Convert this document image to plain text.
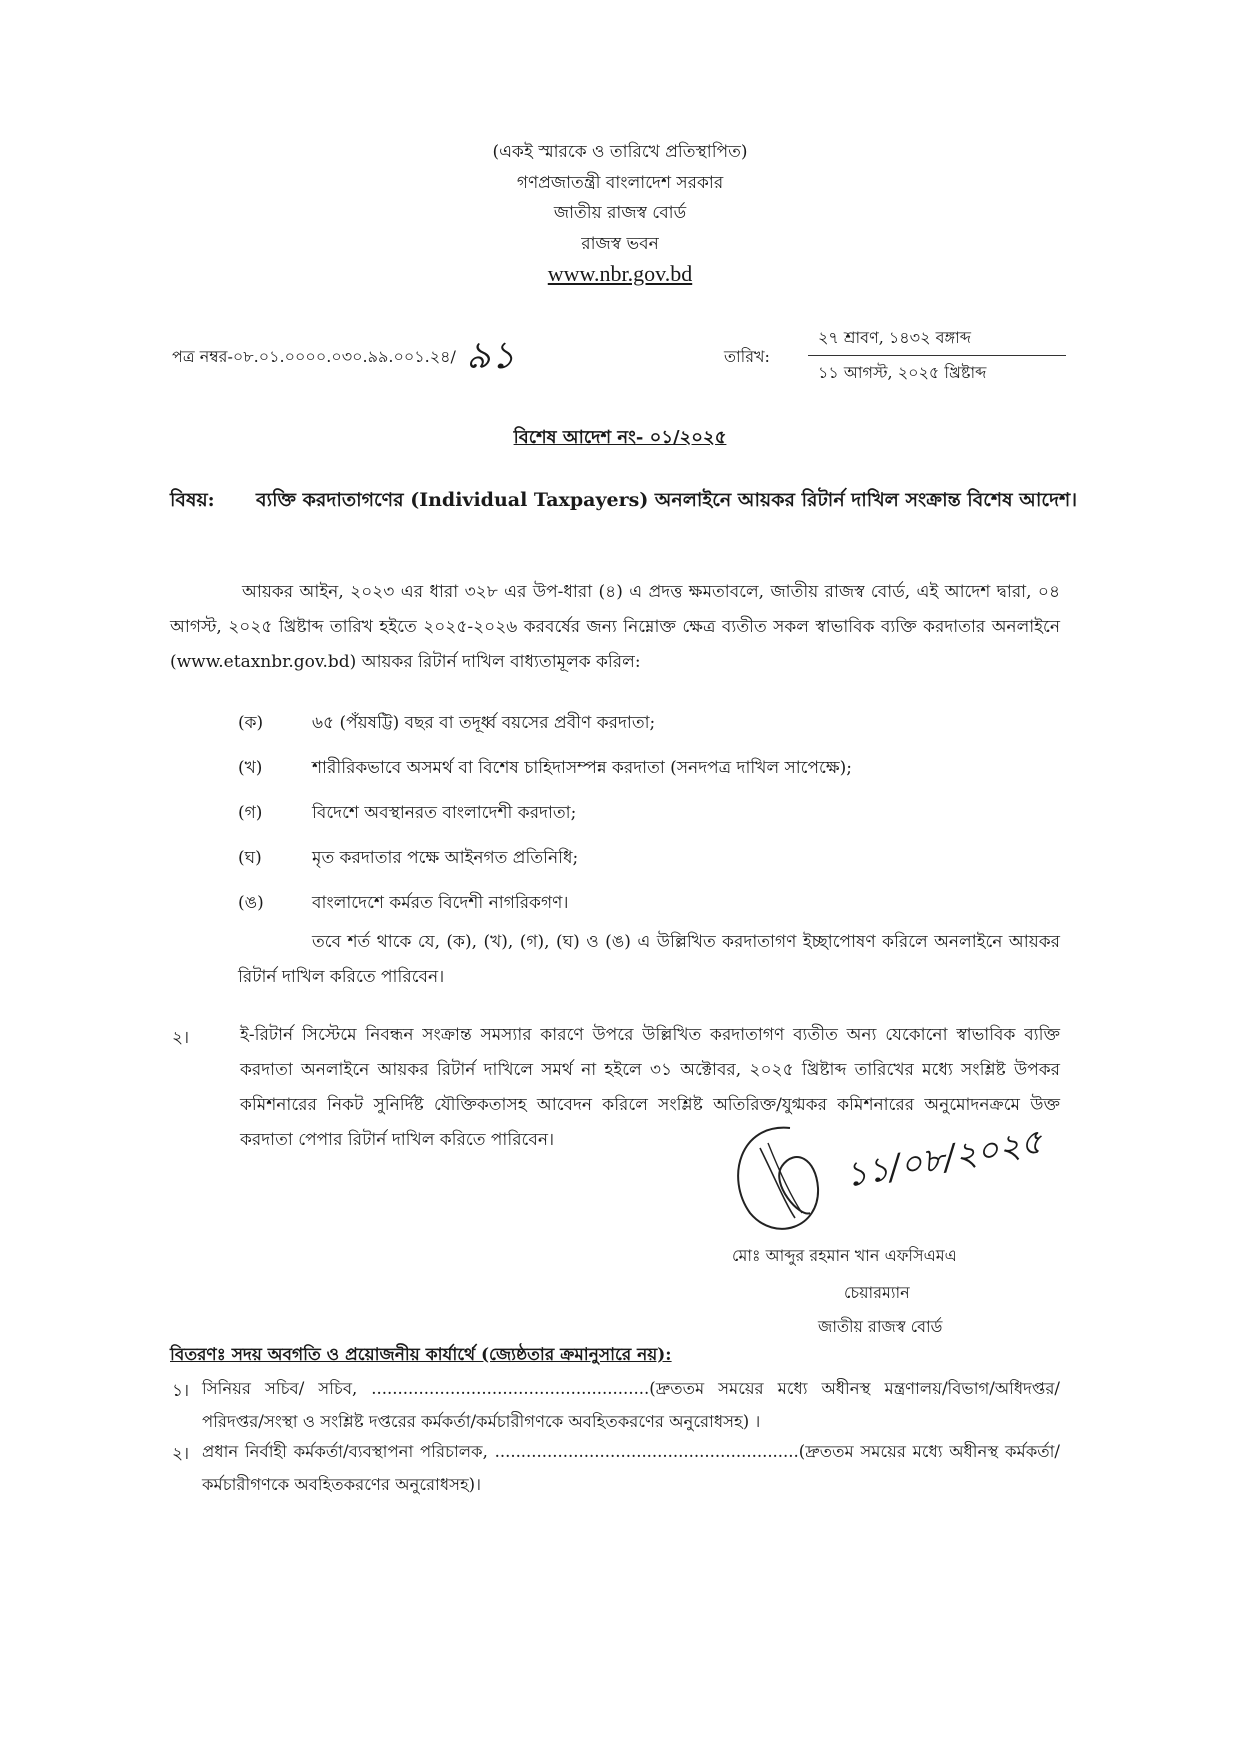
(একই স্মারকে ও তারিখে প্রতিস্থাপিত)
গণপ্রজাতন্ত্রী বাংলাদেশ সরকার
জাতীয় রাজস্ব বোর্ড
রাজস্ব ভবন
www.nbr.gov.bd
পত্র নম্বর-০৮.০১.০০০০.০৩০.৯৯.০০১.২৪/ ৯১	তারিখ:
২৭ শ্রাবণ, ১৪৩২ বঙ্গাব্দ
১১ আগস্ট, ২০২৫ খ্রিষ্টাব্দ
বিশেষ আদেশ নং- ০১/২০২৫
বিষয়: ব্যক্তি করদাতাগণের (Individual Taxpayers) অনলাইনে আয়কর রিটার্ন দাখিল সংক্রান্ত বিশেষ আদেশ।
আয়কর আইন, ২০২৩ এর ধারা ৩২৮ এর উপ-ধারা (৪) এ প্রদত্ত ক্ষমতাবলে, জাতীয় রাজস্ব বোর্ড, এই আদেশ দ্বারা, ০৪ আগস্ট, ২০২৫ খ্রিষ্টাব্দ তারিখ হইতে ২০২৫-২০২৬ করবর্ষের জন্য নিম্নোক্ত ক্ষেত্র ব্যতীত সকল স্বাভাবিক ব্যক্তি করদাতার অনলাইনে (www.etaxnbr.gov.bd) আয়কর রিটার্ন দাখিল বাধ্যতামূলক করিল:
(ক)	৬৫ (পঁয়ষট্টি) বছর বা তদূর্ধ্ব বয়সের প্রবীণ করদাতা;
(খ)	শারীরিকভাবে অসমর্থ বা বিশেষ চাহিদাসম্পন্ন করদাতা (সনদপত্র দাখিল সাপেক্ষে);
(গ)	বিদেশে অবস্থানরত বাংলাদেশী করদাতা;
(ঘ)	মৃত করদাতার পক্ষে আইনগত প্রতিনিধি;
(ঙ)	বাংলাদেশে কর্মরত বিদেশী নাগরিকগণ।
তবে শর্ত থাকে যে, (ক), (খ), (গ), (ঘ) ও (ঙ) এ উল্লিখিত করদাতাগণ ইচ্ছাপোষণ করিলে অনলাইনে আয়কর রিটার্ন দাখিল করিতে পারিবেন।
২।	ই-রিটার্ন সিস্টেমে নিবন্ধন সংক্রান্ত সমস্যার কারণে উপরে উল্লিখিত করদাতাগণ ব্যতীত অন্য যেকোনো স্বাভাবিক ব্যক্তি করদাতা অনলাইনে আয়কর রিটার্ন দাখিলে সমর্থ না হইলে ৩১ অক্টোবর, ২০২৫ খ্রিষ্টাব্দ তারিখের মধ্যে সংশ্লিষ্ট উপকর কমিশনারের নিকট সুনির্দিষ্ট যৌক্তিকতাসহ আবেদন করিলে সংশ্লিষ্ট অতিরিক্ত/যুগ্মকর কমিশনারের অনুমোদনক্রমে উক্ত করদাতা পেপার রিটার্ন দাখিল করিতে পারিবেন।	১১/০৮/২০২৫
মোঃ আব্দুর রহমান খান এফসিএমএ
চেয়ারম্যান
জাতীয় রাজস্ব বোর্ড
বিতরণঃ সদয় অবগতি ও প্রয়োজনীয় কার্যার্থে (জ্যেষ্ঠতার ক্রমানুসারে নয়):
১। সিনিয়র সচিব/ সচিব, .....................................................(দ্রুততম সময়ের মধ্যে অধীনস্থ মন্ত্রণালয়/বিভাগ/অধিদপ্তর/পরিদপ্তর/সংস্থা ও সংশ্লিষ্ট দপ্তরের কর্মকর্তা/কর্মচারীগণকে অবহিতকরণের অনুরোধসহ) ।
২। প্রধান নির্বাহী কর্মকর্তা/ব্যবস্থাপনা পরিচালক, ..........................................................(দ্রুততম সময়ের মধ্যে অধীনস্থ কর্মকর্তা/কর্মচারীগণকে অবহিতকরণের অনুরোধসহ)।
